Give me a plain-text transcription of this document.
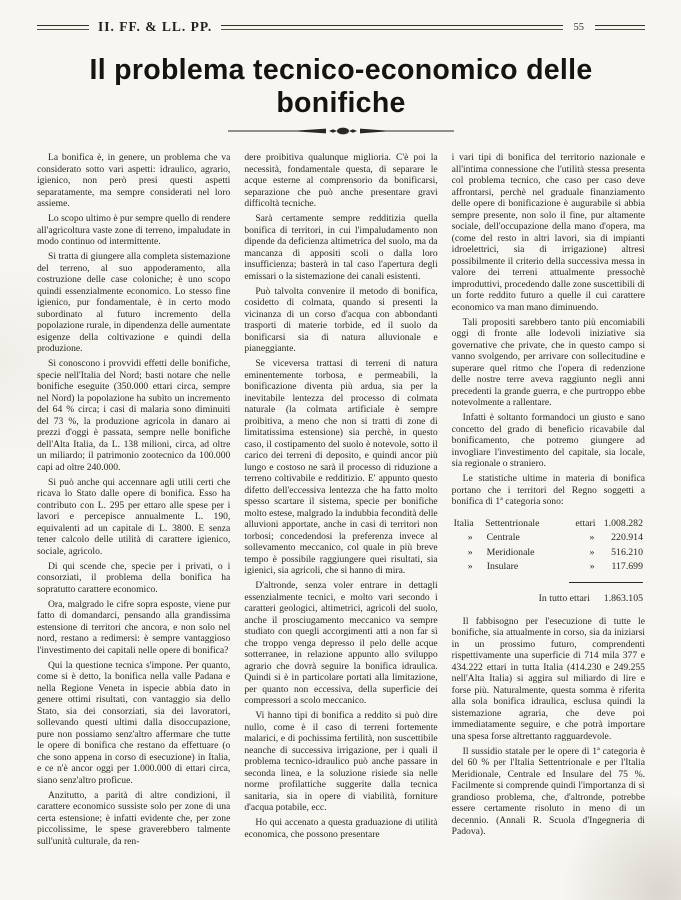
II. FF. & LL. PP.	55
Il problema tecnico-economico delle bonifiche

La bonifica è, in genere, un problema che va considerato sotto vari aspetti: idraulico, agrario, igienico, non però presi questi aspetti separatamente, ma sempre considerati nel loro assieme.

Lo scopo ultimo è pur sempre quello di rendere all'agricoltura vaste zone di terreno, impaludate in modo continuo od intermittente.

Si tratta di giungere alla completa sistemazione del terreno, al suo appoderamento, alla costruzione delle case coloniche; è uno scopo quindi essenzialmente economico. Lo stesso fine igienico, pur fondamentale, è in certo modo subordinato al futuro incremento della popolazione rurale, in dipendenza delle aumentate esigenze della coltivazione e quindi della produzione.

Si conoscono i provvidi effetti delle bonifiche, specie nell'Italia del Nord; basti notare che nelle bonifiche eseguite (350.000 ettari circa, sempre nel Nord) la popolazione ha subìto un incremento del 64 % circa; i casi di malaria sono diminuiti del 73 %, la produzione agricola in danaro ai prezzi d'oggi è passata, sempre nelle bonifiche dell'Alta Italia, da L. 138 milioni, circa, ad oltre un miliardo; il patrimonio zootecnico da 100.000 capi ad oltre 240.000.

Si può anche qui accennare agli utili certi che ricava lo Stato dalle opere di bonifica. Esso ha contributo con L. 295 per ettaro alle spese per i lavori e percepisce annualmente L. 190, equivalenti ad un capitale di L. 3800. E senza tener calcolo delle utilità di carattere igienico, sociale, agricolo.

Di qui scende che, specie per i privati, o i consorziati, il problema della bonifica ha sopratutto carattere economico.

Ora, malgrado le cifre sopra esposte, viene pur fatto di domandarci, pensando alla grandissima estensione di territori che ancora, e non solo nel nord, restano a redimersi: è sempre vantaggioso l'investimento dei capitali nelle opere di bonifica?

Qui la questione tecnica s'impone. Per quanto, come si è detto, la bonifica nella valle Padana e nella Regione Veneta in ispecie abbia dato in genere ottimi risultati, con vantaggio sia dello Stato, sia dei consorziati, sia dei lavoratori, sollevando questi ultimi dalla disoccupazione, pure non possiamo senz'altro affermare che tutte le opere di bonifica che restano da effettuare (o che sono appena in corso di esecuzione) in Italia, e ce n'è ancor oggi per 1.000.000 di ettari circa, siano senz'altro proficue.

Anzitutto, a parità di altre condizioni, il carattere economico sussiste solo per zone di una certa estensione; è infatti evidente che, per zone piccolissime, le spese graverebbero talmente sull'unità culturale, da ren-

dere proibitiva qualunque miglioria. C'è poi la necessità, fondamentale questa, di separare le acque esterne al comprensorio da bonificarsi, separazione che può anche presentare gravi difficoltà tecniche.

Sarà certamente sempre redditizia quella bonifica di territori, in cui l'impaludamento non dipende da deficienza altimetrica del suolo, ma da mancanza di appositi scoli o dalla loro insufficienza; basterà in tal caso l'apertura degli emissari o la sistemazione dei canali esistenti.

Può talvolta convenire il metodo di bonifica, cosidetto di colmata, quando si presenti la vicinanza di un corso d'acqua con abbondanti trasporti di materie torbide, ed il suolo da bonificarsi sia di natura alluvionale e pianeggiante.

Se viceversa trattasi di terreni di natura eminentemente torbosa, e permeabili, la bonificazione diventa più ardua, sia per la inevitabile lentezza del processo di colmata naturale (la colmata artificiale è sempre proibitiva, a meno che non si tratti di zone di limitatissima estensione) sia perchè, in questo caso, il costipamento del suolo è notevole, sotto il carico dei terreni di deposito, e quindi ancor più lungo e costoso ne sarà il processo di riduzione a terreno coltivabile e redditizio. E' appunto questo difetto dell'eccessiva lentezza che ha fatto molto spesso scartare il sistema, specie per bonifiche molto estese, malgrado la indubbia fecondità delle alluvioni apportate, anche in casi di territori non torbosi; concedendosi la preferenza invece al sollevamento meccanico, col quale in più breve tempo è possibile raggiungere quei risultati, sia igienici, sia agricoli, che si hanno di mira.

D'altronde, senza voler entrare in dettagli essenzialmente tecnici, e molto vari secondo i caratteri geologici, altimetrici, agricoli del suolo, anche il prosciugamento meccanico va sempre studiato con quegli accorgimenti atti a non far sì che troppo venga depresso il pelo delle acque sotterranee, in relazione appunto allo sviluppo agrario che dovrà seguire la bonifica idraulica. Quindi si è in particolare portati alla limitazione, per quanto non eccessiva, della superficie dei compressori a scolo meccanico.

Vi hanno tipi di bonifica a reddito si può dire nullo, come è il caso di terreni fortemente malarici, e di pochissima fertilità, non suscettibile neanche di successiva irrigazione, per i quali il problema tecnico-idraulico può anche passare in seconda linea, e la soluzione risiede sia nelle norme profilattiche suggerite dalla tecnica sanitaria, sia in opere di viabilità, forniture d'acqua potabile, ecc.

Ho qui accenato a questa graduazione di utilità economica, che possono presentare

i vari tipi di bonifica del territorio nazionale e all'intima connessione che l'utilità stessa presenta col problema tecnico, che caso per caso deve affrontarsi, perchè nel graduale finanziamento delle opere di bonificazione è augurabile si abbia sempre presente, non solo il fine, pur altamente sociale, dell'occupazione della mano d'opera, ma (come del resto in altri lavori, sia di impianti idroelettrici, sia di irrigazione) altresì possibilmente il criterio della successiva messa in valore dei terreni attualmente pressochè improduttivi, procedendo dalle zone suscettibili di un forte reddito futuro a quelle il cui carattere economico va man mano diminuendo.

Tali propositi sarebbero tanto più encomiabili oggi di fronte alle lodevoli iniziative sia governative che private, che in questo campo si vanno svolgendo, per arrivare con sollecitudine e superare quel ritmo che l'opera di redenzione delle nostre terre aveva raggiunto negli anni precedenti la grande guerra, e che purtroppo ebbe notevolmente a rallentare.

Infatti è soltanto formandoci un giusto e sano concetto del grado di beneficio ricavabile dal bonificamento, che potremo giungere ad invogliare l'investimento del capitale, sia locale, sia regionale o straniero.

Le statistiche ultime in materia di bonifica portano che i territori del Regno soggetti a bonifica di 1ª categoria sono:

Italia	Settentrionale	ettari 1.008.282
»	Centrale	»	220.914
»	Meridionale	»	516.210
»	Insulare	»	117.699
In tutto ettari 1.863.105

Il fabbisogno per l'esecuzione di tutte le bonifiche, sia attualmente in corso, sia da iniziarsi in un prossimo futuro, comprendenti rispettivamente una superficie di 714 mila 377 e 434.222 ettari in tutta Italia (414.230 e 249.255 nell'Alta Italia) si aggira sul miliardo di lire e forse più. Naturalmente, questa somma è riferita alla sola bonifica idraulica, esclusa quindi la sistemazione agraria, che deve poi immediatamente seguire, e che potrà importare una spesa forse altrettanto ragguardevole.

Il sussidio statale per le opere di 1ª categoria è del 60 % per l'Italia Settentrionale e per l'Italia Meridionale, Centrale ed Insulare del 75 %. Facilmente si comprende quindi l'importanza di sì grandioso problema, che, d'altronde, potrebbe essere certamente risoluto in meno di un decennio. (Annali R. Scuola d'Ingegneria di Padova).
